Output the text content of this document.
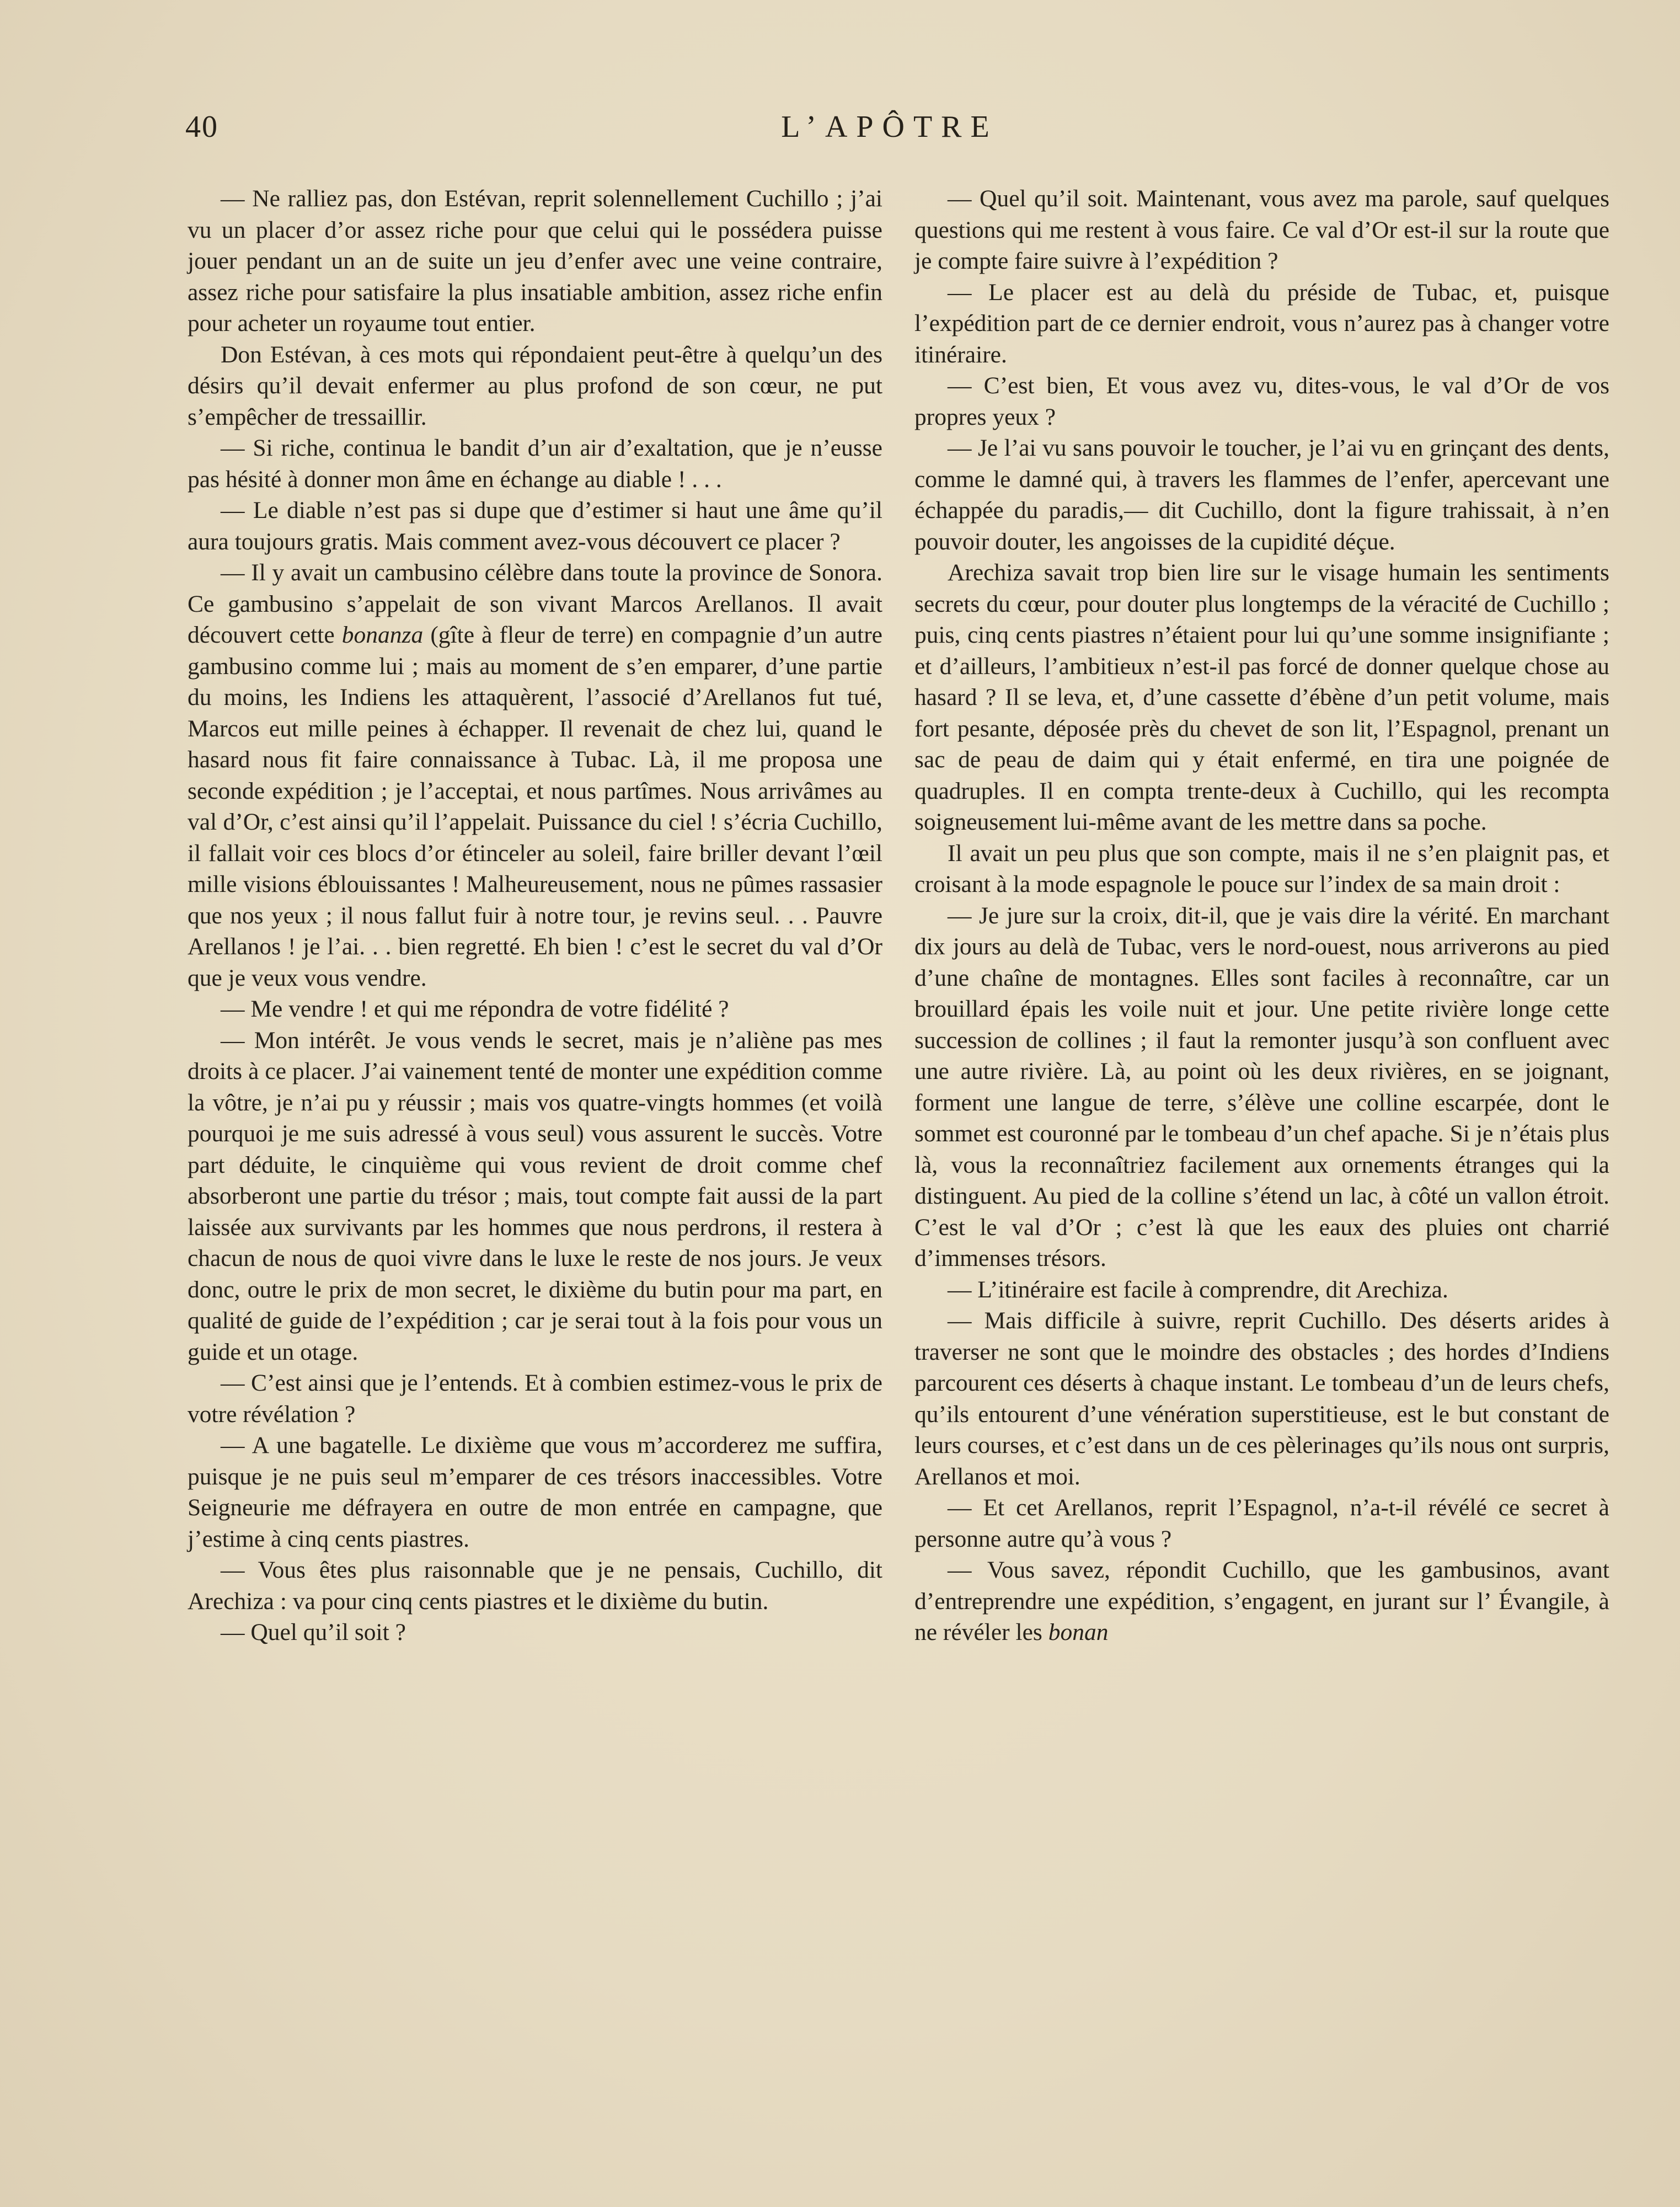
40	L’APÔTRE

— Ne ralliez pas, don Estévan, reprit solennellement Cuchillo ; j’ai vu un placer d’or assez riche pour que celui qui le possédera puisse jouer pendant un an de suite un jeu d’enfer avec une veine contraire, assez riche pour satisfaire la plus insatiable ambition, assez riche enfin pour acheter un royaume tout entier.

Don Estévan, à ces mots qui répondaient peut-être à quelqu’un des désirs qu’il devait enfermer au plus profond de son cœur, ne put s’empêcher de tressaillir.

— Si riche, continua le bandit d’un air d’exaltation, que je n’eusse pas hésité à donner mon âme en échange au diable ! . . .

— Le diable n’est pas si dupe que d’estimer si haut une âme qu’il aura toujours gratis. Mais comment avez-vous découvert ce placer ?

— Il y avait un cambusino célèbre dans toute la province de Sonora. Ce gambusino s’appelait de son vivant Marcos Arellanos. Il avait découvert cette bonanza (gîte à fleur de terre) en compagnie d’un autre gambusino comme lui ; mais au moment de s’en emparer, d’une partie du moins, les Indiens les attaquèrent, l’associé d’Arellanos fut tué, Marcos eut mille peines à échapper. Il revenait de chez lui, quand le hasard nous fit faire connaissance à Tubac. Là, il me proposa une seconde expédition ; je l’acceptai, et nous partîmes. Nous arrivâmes au val d’Or, c’est ainsi qu’il l’appelait. Puissance du ciel ! s’écria Cuchillo, il fallait voir ces blocs d’or étinceler au soleil, faire briller devant l’œil mille visions éblouissantes ! Malheureusement, nous ne pûmes rassasier que nos yeux ; il nous fallut fuir à notre tour, je revins seul. . . Pauvre Arellanos ! je l’ai. . . bien regretté. Eh bien ! c’est le secret du val d’Or que je veux vous vendre.

— Me vendre ! et qui me répondra de votre fidélité ?

— Mon intérêt. Je vous vends le secret, mais je n’aliène pas mes droits à ce placer. J’ai vainement tenté de monter une expédition comme la vôtre, je n’ai pu y réussir ; mais vos quatre-vingts hommes (et voilà pourquoi je me suis adressé à vous seul) vous assurent le succès. Votre part déduite, le cinquième qui vous revient de droit comme chef absorberont une partie du trésor ; mais, tout compte fait aussi de la part laissée aux survivants par les hommes que nous perdrons, il restera à chacun de nous de quoi vivre dans le luxe le reste de nos jours. Je veux donc, outre le prix de mon secret, le dixième du butin pour ma part, en qualité de guide de l’expédition ; car je serai tout à la fois pour vous un guide et un otage.

— C’est ainsi que je l’entends. Et à combien estimez-vous le prix de votre révélation ?

— A une bagatelle. Le dixième que vous m’accorderez me suffira, puisque je ne puis seul m’emparer de ces trésors inaccessibles. Votre Seigneurie me défrayera en outre de mon entrée en campagne, que j’estime à cinq cents piastres.

— Vous êtes plus raisonnable que je ne pensais, Cuchillo, dit Arechiza : va pour cinq cents piastres et le dixième du butin.

— Quel qu’il soit ?

— Quel qu’il soit. Maintenant, vous avez ma parole, sauf quelques questions qui me restent à vous faire. Ce val d’Or est-il sur la route que je compte faire suivre à l’expédition ?

— Le placer est au delà du préside de Tubac, et, puisque l’expédition part de ce dernier endroit, vous n’aurez pas à changer votre itinéraire.

— C’est bien, Et vous avez vu, dites-vous, le val d’Or de vos propres yeux ?

— Je l’ai vu sans pouvoir le toucher, je l’ai vu en grinçant des dents, comme le damné qui, à travers les flammes de l’enfer, apercevant une échappée du paradis,— dit Cuchillo, dont la figure trahissait, à n’en pouvoir douter, les angoisses de la cupidité déçue.

Arechiza savait trop bien lire sur le visage humain les sentiments secrets du cœur, pour douter plus longtemps de la véracité de Cuchillo ; puis, cinq cents piastres n’étaient pour lui qu’une somme insignifiante ; et d’ailleurs, l’ambitieux n’est-il pas forcé de donner quelque chose au hasard ? Il se leva, et, d’une cassette d’ébène d’un petit volume, mais fort pesante, déposée près du chevet de son lit, l’Espagnol, prenant un sac de peau de daim qui y était enfermé, en tira une poignée de quadruples. Il en compta trente-deux à Cuchillo, qui les recompta soigneusement lui-même avant de les mettre dans sa poche.

Il avait un peu plus que son compte, mais il ne s’en plaignit pas, et croisant à la mode espagnole le pouce sur l’index de sa main droit :

— Je jure sur la croix, dit-il, que je vais dire la vérité. En marchant dix jours au delà de Tubac, vers le nord-ouest, nous arriverons au pied d’une chaîne de montagnes. Elles sont faciles à reconnaître, car un brouillard épais les voile nuit et jour. Une petite rivière longe cette succession de collines ; il faut la remonter jusqu’à son confluent avec une autre rivière. Là, au point où les deux rivières, en se joignant, forment une langue de terre, s’élève une colline escarpée, dont le sommet est couronné par le tombeau d’un chef apache. Si je n’étais plus là, vous la reconnaîtriez facilement aux ornements étranges qui la distinguent. Au pied de la colline s’étend un lac, à côté un vallon étroit. C’est le val d’Or ; c’est là que les eaux des pluies ont charrié d’immenses trésors.

— L’itinéraire est facile à comprendre, dit Arechiza.

— Mais difficile à suivre, reprit Cuchillo. Des déserts arides à traverser ne sont que le moindre des obstacles ; des hordes d’Indiens parcourent ces déserts à chaque instant. Le tombeau d’un de leurs chefs, qu’ils entourent d’une vénération superstitieuse, est le but constant de leurs courses, et c’est dans un de ces pèlerinages qu’ils nous ont surpris, Arellanos et moi.

— Et cet Arellanos, reprit l’Espagnol, n’a-t-il révélé ce secret à personne autre qu’à vous ?

— Vous savez, répondit Cuchillo, que les gambusinos, avant d’entreprendre une expédition, s’engagent, en jurant sur l’ Évangile, à ne révéler les bonan
